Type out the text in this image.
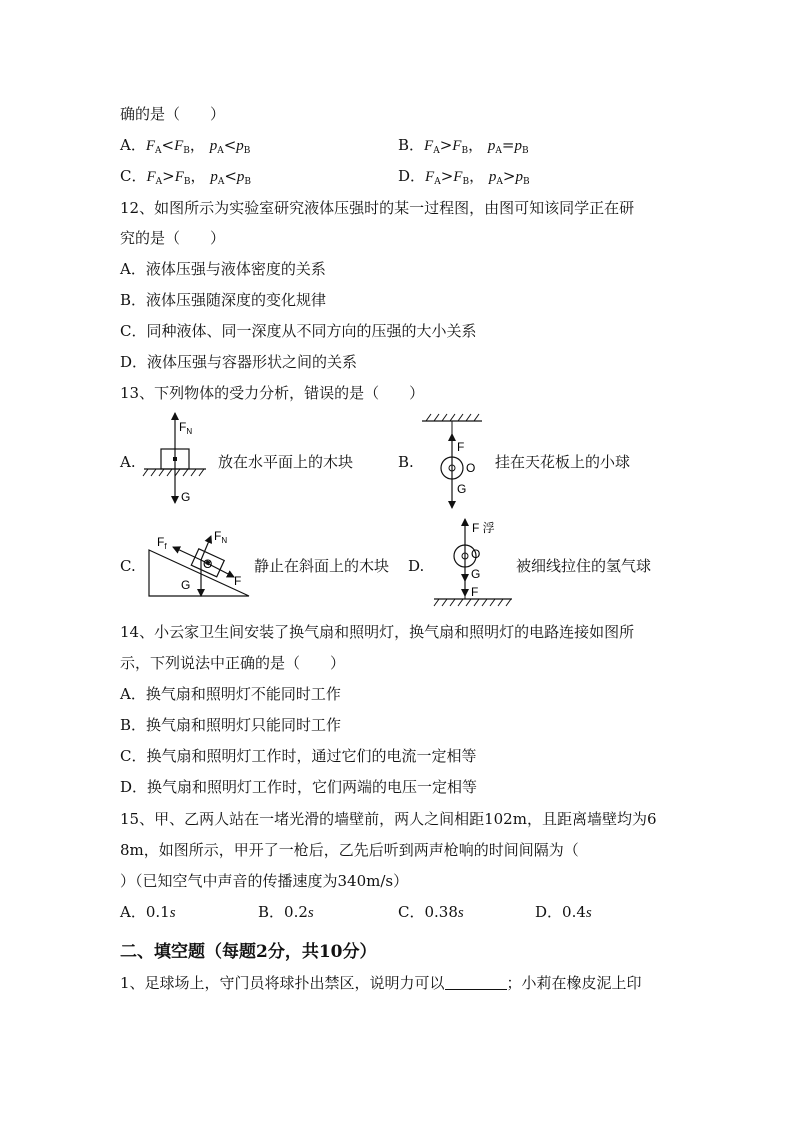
确的是（　　）
A．$F_A<F_B$， $p_A<p_B$	B．$F_A>F_B$， $p_A=p_B$
C．$F_A>F_B$， $p_A<p_B$	D．$F_A>F_B$， $p_A>p_B$
12、如图所示为实验室研究液体压强时的某一过程图，由图可知该同学正在研
究的是（　　）
A．液体压强与液体密度的关系
B．液体压强随深度的变化规律
C．同种液体、同一深度从不同方向的压强的大小关系
D．液体压强与容器形状之间的关系
13、下列物体的受力分析，错误的是（　　）
A.
$F_N$
G
放在水平面上的木块	B.
F
O
G
挂在天花板上的小球
C.
$F_f$
$F_N$
O
G	F
静止在斜面上的木块 D.
F 浮
O
G
F
被细线拉住的氢气球
14、小云家卫生间安装了换气扇和照明灯，换气扇和照明灯的电路连接如图所
示，下列说法中正确的是（　　）
A．换气扇和照明灯不能同时工作
B．换气扇和照明灯只能同时工作
C．换气扇和照明灯工作时，通过它们的电流一定相等
D．换气扇和照明灯工作时，它们两端的电压一定相等
15、甲、乙两人站在一堵光滑的墙壁前，两人之间相距102m，且距离墙壁均为6
8m，如图所示，甲开了一枪后，乙先后听到两声枪响的时间间隔为（
）（已知空气中声音的传播速度为340m/s）
A．0.1s	B．0.2s	C．0.38s	D．0.4s
二、填空题（每题2分，共10分）
1、足球场上，守门员将球扑出禁区，说明力可以	；小莉在橡皮泥上印
